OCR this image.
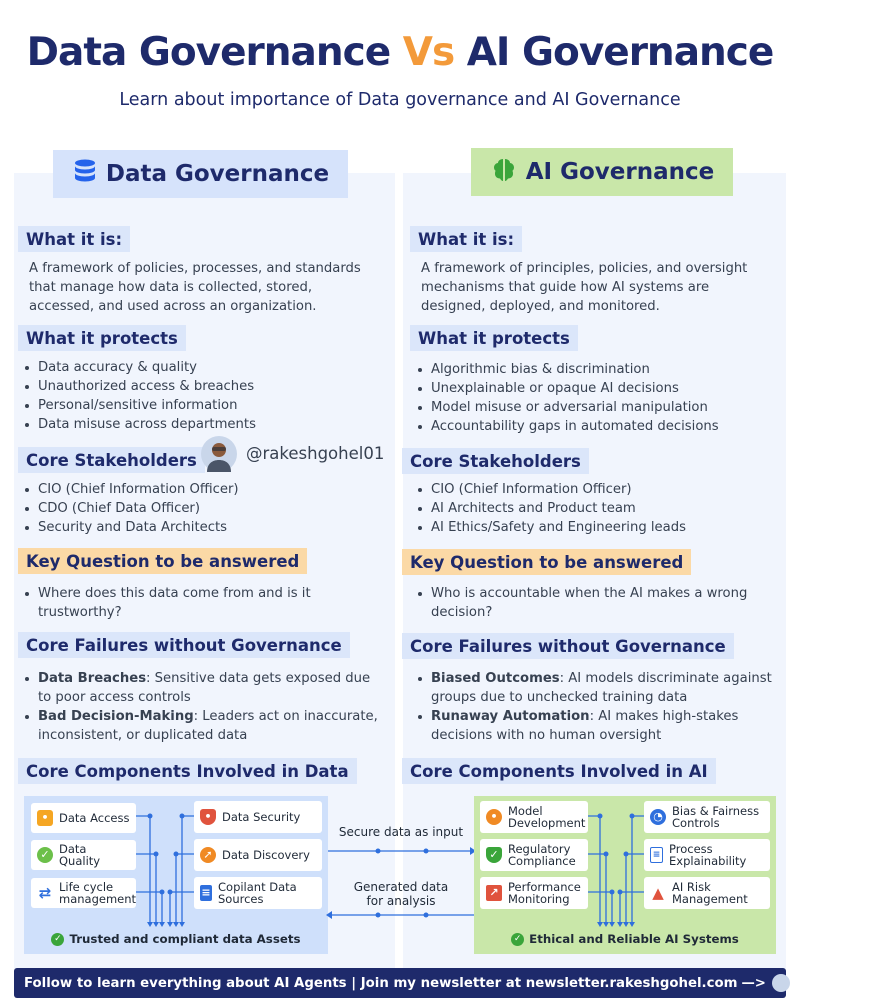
Data Governance Vs AI Governance
Learn about importance of Data governance and AI Governance
Data Governance	AI Governance
What it is:
A framework of policies, processes, and standards that manage how data is collected, stored, accessed, and used across an organization.
What it protects
Data accuracy & quality
Unauthorized access & breaches
Personal/sensitive information
Data misuse across departments
Core Stakeholders	@rakeshgohel01
CIO (Chief Information Officer)
CDO (Chief Data Officer)
Security and Data Architects
Key Question to be answered
Where does this data come from and is it trustworthy?
Core Failures without Governance
Data Breaches: Sensitive data gets exposed due to poor access controls
Bad Decision-Making: Leaders act on inaccurate, inconsistent, or duplicated data
Core Components Involved in Data
• Data Access	• Data Security
✓ Data Quality	➚ Data Discovery
⇄ Life cycle management	≡ Copilant Data Sources
✓ Trusted and compliant data Assets
Secure data as input
Generated data for analysis
What it is:
A framework of principles, policies, and oversight mechanisms that guide how AI systems are designed, deployed, and monitored.
What it protects
Algorithmic bias & discrimination
Unexplainable or opaque AI decisions
Model misuse or adversarial manipulation
Accountability gaps in automated decisions
Core Stakeholders
CIO (Chief Information Officer)
AI Architects and Product team
AI Ethics/Safety and Engineering leads
Key Question to be answered
Who is accountable when the AI makes a wrong decision?
Core Failures without Governance
Biased Outcomes: AI models discriminate against groups due to unchecked training data
Runaway Automation: AI makes high-stakes decisions with no human oversight
Core Components Involved in AI
• Model Development	◔ Bias & Fairness Controls
✓ Regulatory Compliance	≡ Process Explainability
↗ Performance Monitoring	▲ AI Risk Management
✓ Ethical and Reliable AI Systems
Follow to learn everything about AI Agents | Join my newsletter at newsletter.rakeshgohel.com —>	@rakeshgohel01
